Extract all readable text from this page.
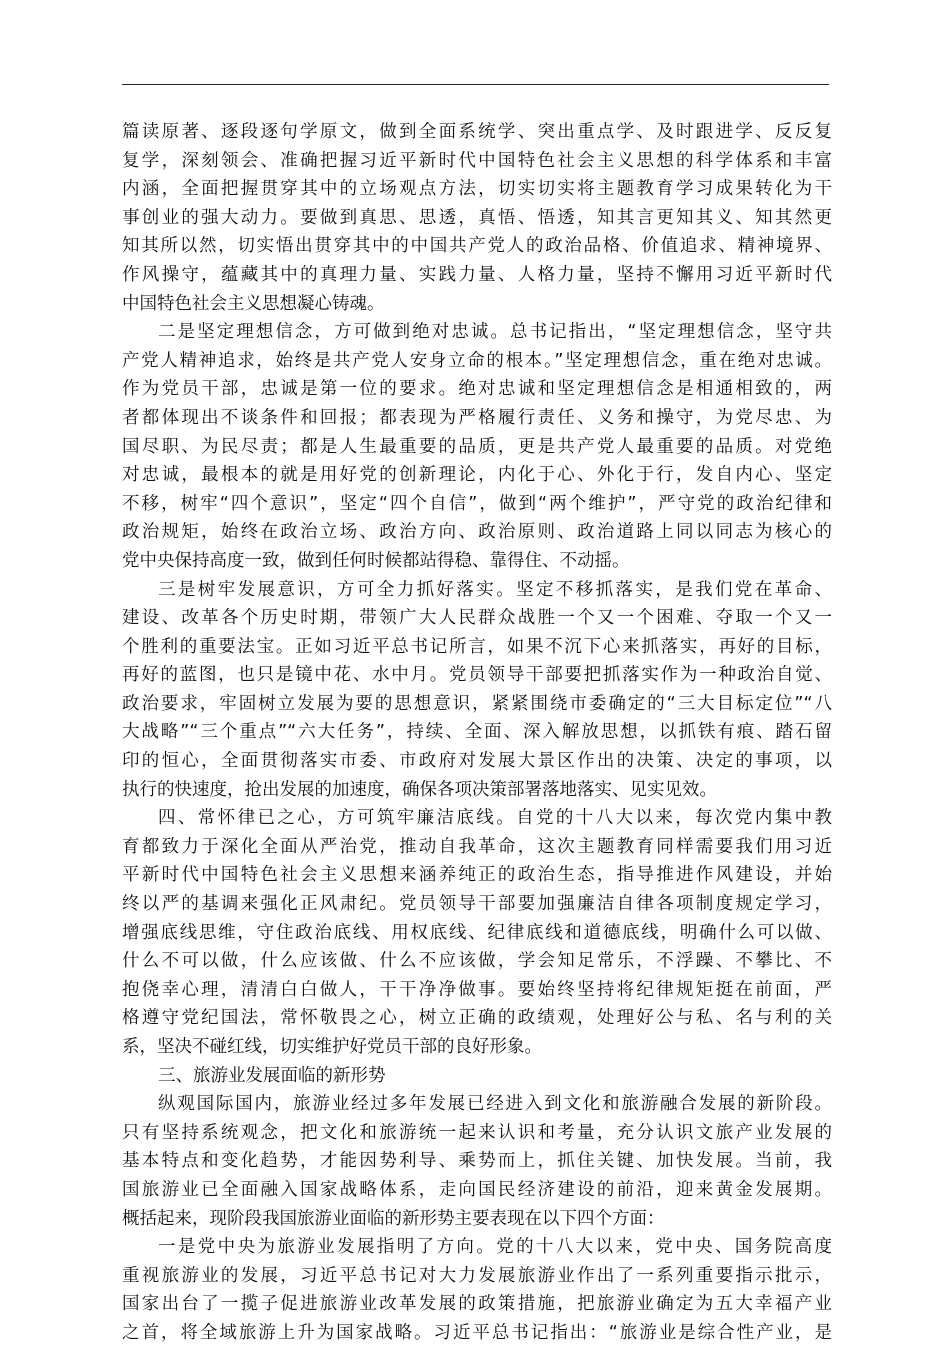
篇读原著、逐段逐句学原文，做到全面系统学、突出重点学、及时跟进学、反反复
复学，深刻领会、准确把握习近平新时代中国特色社会主义思想的科学体系和丰富
内涵，全面把握贯穿其中的立场观点方法，切实切实将主题教育学习成果转化为干
事创业的强大动力。要做到真思、思透，真悟、悟透，知其言更知其义、知其然更
知其所以然，切实悟出贯穿其中的中国共产党人的政治品格、价值追求、精神境界、
作风操守，蕴藏其中的真理力量、实践力量、人格力量，坚持不懈用习近平新时代
中国特色社会主义思想凝心铸魂。
二是坚定理想信念，方可做到绝对忠诚。总书记指出，“坚定理想信念，坚守共
产党人精神追求，始终是共产党人安身立命的根本。”坚定理想信念，重在绝对忠诚。
作为党员干部，忠诚是第一位的要求。绝对忠诚和坚定理想信念是相通相致的，两
者都体现出不谈条件和回报；都表现为严格履行责任、义务和操守，为党尽忠、为
国尽职、为民尽责；都是人生最重要的品质，更是共产党人最重要的品质。对党绝
对忠诚，最根本的就是用好党的创新理论，内化于心、外化于行，发自内心、坚定
不移，树牢“四个意识”，坚定“四个自信”，做到“两个维护”，严守党的政治纪律和
政治规矩，始终在政治立场、政治方向、政治原则、政治道路上同以同志为核心的
党中央保持高度一致，做到任何时候都站得稳、靠得住、不动摇。
三是树牢发展意识，方可全力抓好落实。坚定不移抓落实，是我们党在革命、
建设、改革各个历史时期，带领广大人民群众战胜一个又一个困难、夺取一个又一
个胜利的重要法宝。正如习近平总书记所言，如果不沉下心来抓落实，再好的目标，
再好的蓝图，也只是镜中花、水中月。党员领导干部要把抓落实作为一种政治自觉、
政治要求，牢固树立发展为要的思想意识，紧紧围绕市委确定的“三大目标定位”“八
大战略”“三个重点”“六大任务”，持续、全面、深入解放思想，以抓铁有痕、踏石留
印的恒心，全面贯彻落实市委、市政府对发展大景区作出的决策、决定的事项，以
执行的快速度，抢出发展的加速度，确保各项决策部署落地落实、见实见效。
四、常怀律已之心，方可筑牢廉洁底线。自党的十八大以来，每次党内集中教
育都致力于深化全面从严治党，推动自我革命，这次主题教育同样需要我们用习近
平新时代中国特色社会主义思想来涵养纯正的政治生态，指导推进作风建设，并始
终以严的基调来强化正风肃纪。党员领导干部要加强廉洁自律各项制度规定学习，
增强底线思维，守住政治底线、用权底线、纪律底线和道德底线，明确什么可以做、
什么不可以做，什么应该做、什么不应该做，学会知足常乐，不浮躁、不攀比、不
抱侥幸心理，清清白白做人，干干净净做事。要始终坚持将纪律规矩挺在前面，严
格遵守党纪国法，常怀敬畏之心，树立正确的政绩观，处理好公与私、名与利的关
系，坚决不碰红线，切实维护好党员干部的良好形象。
三、旅游业发展面临的新形势
纵观国际国内，旅游业经过多年发展已经进入到文化和旅游融合发展的新阶段。
只有坚持系统观念，把文化和旅游统一起来认识和考量，充分认识文旅产业发展的
基本特点和变化趋势，才能因势利导、乘势而上，抓住关键、加快发展。当前，我
国旅游业已全面融入国家战略体系，走向国民经济建设的前沿，迎来黄金发展期。
概括起来，现阶段我国旅游业面临的新形势主要表现在以下四个方面：
一是党中央为旅游业发展指明了方向。党的十八大以来，党中央、国务院高度
重视旅游业的发展，习近平总书记对大力发展旅游业作出了一系列重要指示批示，
国家出台了一揽子促进旅游业改革发展的政策措施，把旅游业确定为五大幸福产业
之首，将全域旅游上升为国家战略。习近平总书记指出：“旅游业是综合性产业，是
